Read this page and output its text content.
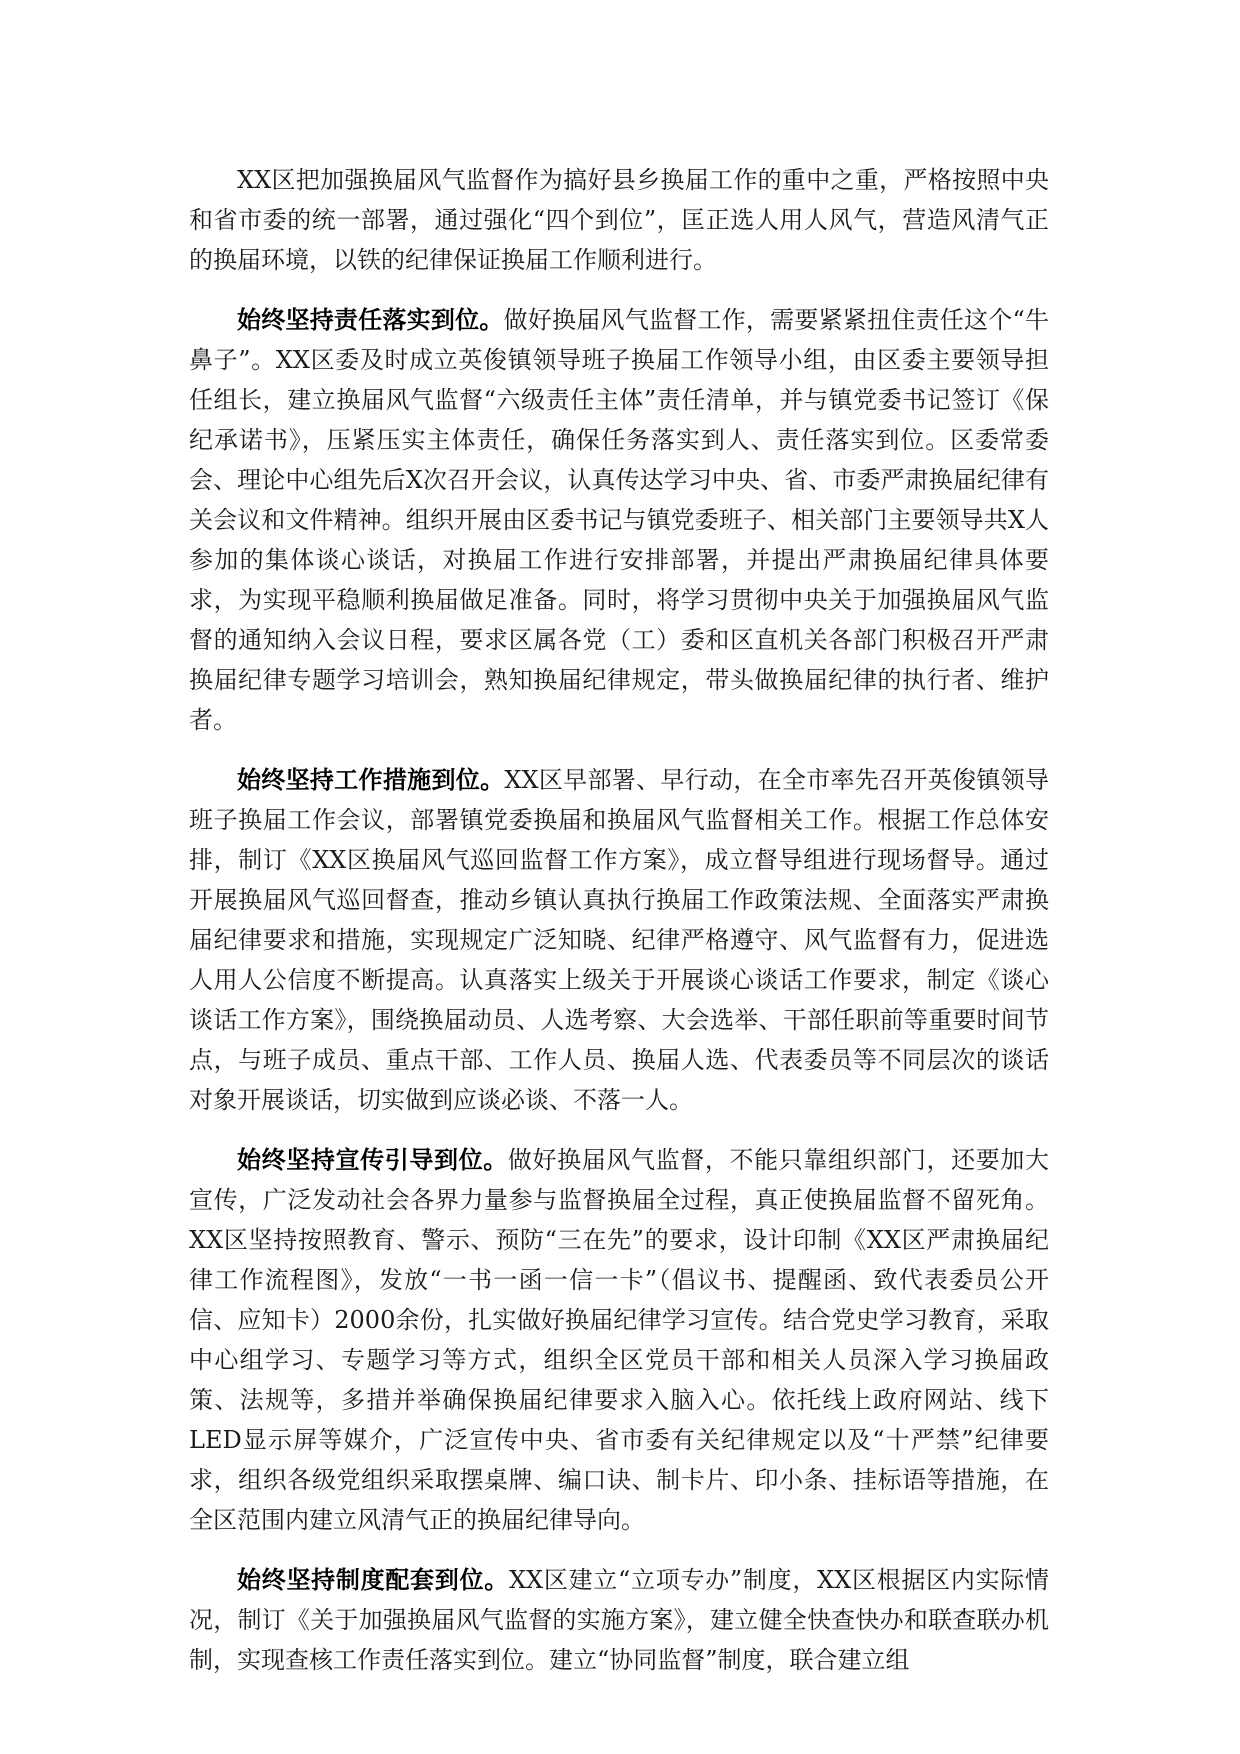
XX区把加强换届风气监督作为搞好县乡换届工作的重中之重，严格按照中央和省市委的统一部署，通过强化“四个到位”，匡正选人用人风气，营造风清气正的换届环境，以铁的纪律保证换届工作顺利进行。

始终坚持责任落实到位。做好换届风气监督工作，需要紧紧扭住责任这个“牛鼻子”。XX区委及时成立英俊镇领导班子换届工作领导小组，由区委主要领导担任组长，建立换届风气监督“六级责任主体”责任清单，并与镇党委书记签订《保纪承诺书》，压紧压实主体责任，确保任务落实到人、责任落实到位。区委常委会、理论中心组先后X次召开会议，认真传达学习中央、省、市委严肃换届纪律有关会议和文件精神。组织开展由区委书记与镇党委班子、相关部门主要领导共X人参加的集体谈心谈话，对换届工作进行安排部署，并提出严肃换届纪律具体要求，为实现平稳顺利换届做足准备。同时，将学习贯彻中央关于加强换届风气监督的通知纳入会议日程，要求区属各党（工）委和区直机关各部门积极召开严肃换届纪律专题学习培训会，熟知换届纪律规定，带头做换届纪律的执行者、维护者。

始终坚持工作措施到位。XX区早部署、早行动，在全市率先召开英俊镇领导班子换届工作会议，部署镇党委换届和换届风气监督相关工作。根据工作总体安排，制订《XX区换届风气巡回监督工作方案》，成立督导组进行现场督导。通过开展换届风气巡回督查，推动乡镇认真执行换届工作政策法规、全面落实严肃换届纪律要求和措施，实现规定广泛知晓、纪律严格遵守、风气监督有力，促进选人用人公信度不断提高。认真落实上级关于开展谈心谈话工作要求，制定《谈心谈话工作方案》，围绕换届动员、人选考察、大会选举、干部任职前等重要时间节点，与班子成员、重点干部、工作人员、换届人选、代表委员等不同层次的谈话对象开展谈话，切实做到应谈必谈、不落一人。

始终坚持宣传引导到位。做好换届风气监督，不能只靠组织部门，还要加大宣传，广泛发动社会各界力量参与监督换届全过程，真正使换届监督不留死角。XX区坚持按照教育、警示、预防“三在先”的要求，设计印制《XX区严肃换届纪律工作流程图》，发放“一书一函一信一卡”（倡议书、提醒函、致代表委员公开信、应知卡）2000余份，扎实做好换届纪律学习宣传。结合党史学习教育，采取中心组学习、专题学习等方式，组织全区党员干部和相关人员深入学习换届政策、法规等，多措并举确保换届纪律要求入脑入心。依托线上政府网站、线下LED显示屏等媒介，广泛宣传中央、省市委有关纪律规定以及“十严禁”纪律要求，组织各级党组织采取摆桌牌、编口诀、制卡片、印小条、挂标语等措施，在全区范围内建立风清气正的换届纪律导向。

始终坚持制度配套到位。XX区建立“立项专办”制度，XX区根据区内实际情况，制订《关于加强换届风气监督的实施方案》，建立健全快查快办和联查联办机制，实现查核工作责任落实到位。建立“协同监督”制度，联合建立组
